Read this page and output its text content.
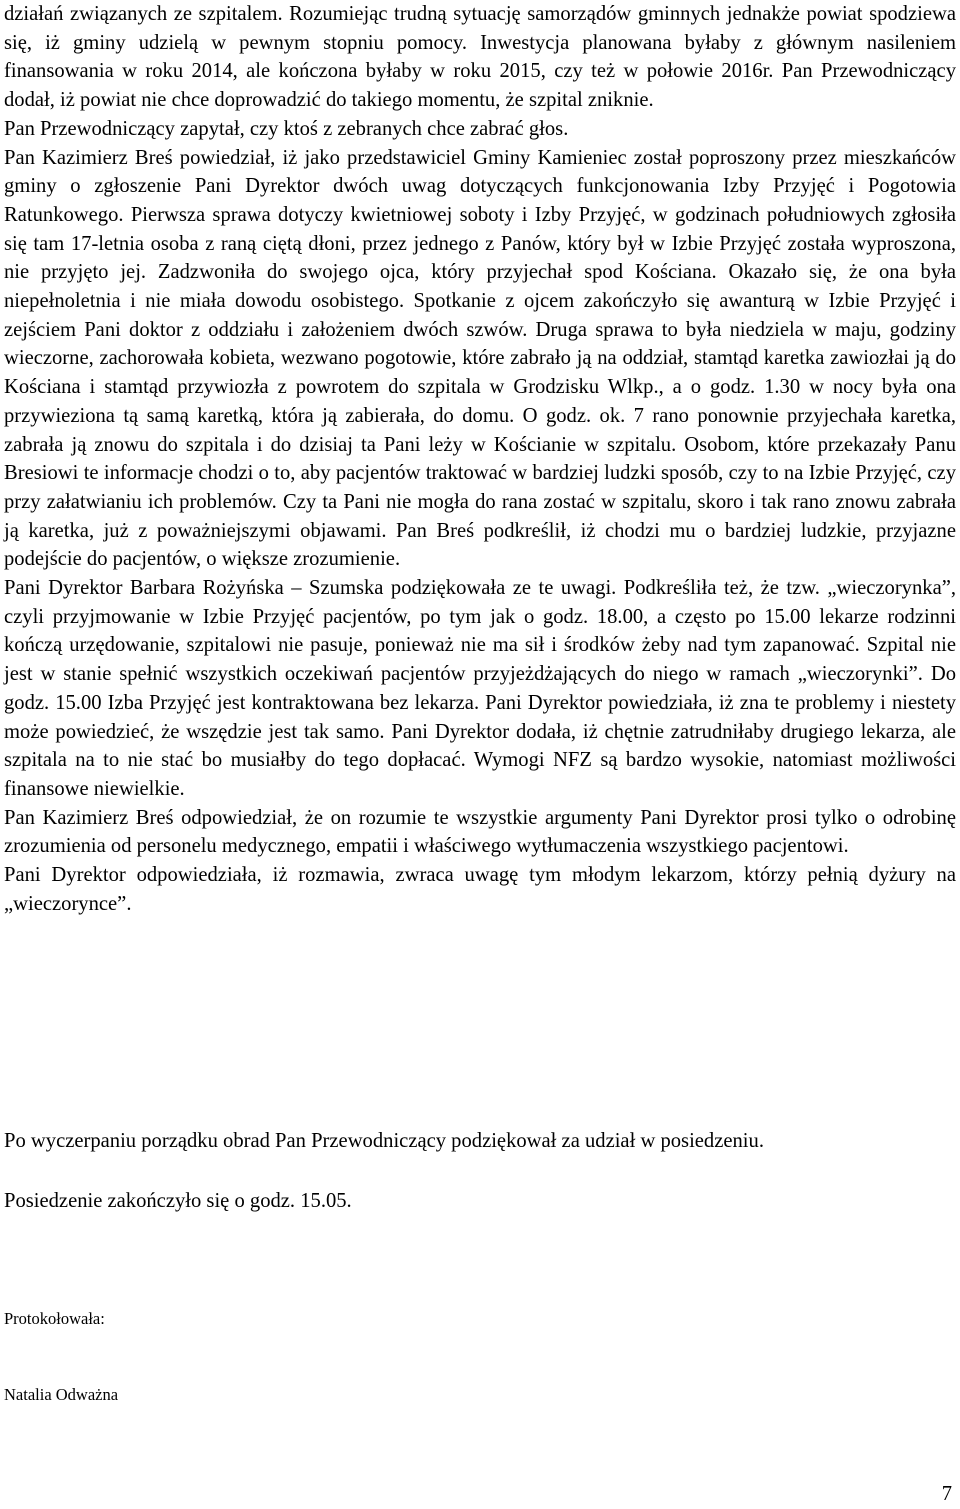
działań związanych ze szpitalem. Rozumiejąc trudną sytuację samorządów gminnych jednakże powiat spodziewa się, iż gminy udzielą w pewnym stopniu pomocy. Inwestycja planowana byłaby z głównym nasileniem finansowania w roku 2014, ale kończona byłaby w roku 2015, czy też w połowie 2016r. Pan Przewodniczący dodał, iż powiat nie chce doprowadzić do takiego momentu, że szpital zniknie.

Pan Przewodniczący zapytał, czy ktoś z zebranych chce zabrać głos.

Pan Kazimierz Breś powiedział, iż jako przedstawiciel Gminy Kamieniec został poproszony przez mieszkańców gminy o zgłoszenie Pani Dyrektor dwóch uwag dotyczących funkcjonowania Izby Przyjęć i Pogotowia Ratunkowego. Pierwsza sprawa dotyczy kwietniowej soboty i Izby Przyjęć, w godzinach południowych zgłosiła się tam 17-letnia osoba z raną ciętą dłoni, przez jednego z Panów, który był w Izbie Przyjęć została wyproszona, nie przyjęto jej. Zadzwoniła do swojego ojca, który przyjechał spod Kościana. Okazało się, że ona była niepełnoletnia i nie miała dowodu osobistego. Spotkanie z ojcem zakończyło się awanturą w Izbie Przyjęć i zejściem Pani doktor z oddziału i założeniem dwóch szwów. Druga sprawa to była niedziela w maju, godziny wieczorne, zachorowała kobieta, wezwano pogotowie, które zabrało ją na oddział, stamtąd karetka zawiozłai ją do Kościana i stamtąd przywiozła z powrotem do szpitala w Grodzisku Wlkp., a o godz. 1.30 w nocy była ona przywieziona tą samą karetką, która ją zabierała, do domu. O godz. ok. 7 rano ponownie przyjechała karetka, zabrała ją znowu do szpitala i do dzisiaj ta Pani leży w Kościanie w szpitalu. Osobom, które przekazały Panu Bresiowi te informacje chodzi o to, aby pacjentów traktować w bardziej ludzki sposób, czy to na Izbie Przyjęć, czy przy załatwianiu ich problemów. Czy ta Pani nie mogła do rana zostać w szpitalu, skoro i tak rano znowu zabrała ją karetka, już z poważniejszymi objawami. Pan Breś podkreślił, iż chodzi mu o bardziej ludzkie, przyjazne podejście do pacjentów, o większe zrozumienie.

Pani Dyrektor Barbara Rożyńska – Szumska podziękowała ze te uwagi. Podkreśliła też, że tzw. „wieczorynka”, czyli przyjmowanie w Izbie Przyjęć pacjentów, po tym jak o godz. 18.00, a często po 15.00 lekarze rodzinni kończą urzędowanie, szpitalowi nie pasuje, ponieważ nie ma sił i środków żeby nad tym zapanować. Szpital nie jest w stanie spełnić wszystkich oczekiwań pacjentów przyjeżdżających do niego w ramach „wieczorynki”. Do godz. 15.00 Izba Przyjęć jest kontraktowana bez lekarza. Pani Dyrektor powiedziała, iż zna te problemy i niestety może powiedzieć, że wszędzie jest tak samo. Pani Dyrektor dodała, iż chętnie zatrudniłaby drugiego lekarza, ale szpitala na to nie stać bo musiałby do tego dopłacać. Wymogi NFZ są bardzo wysokie, natomiast możliwości finansowe niewielkie.

Pan Kazimierz Breś odpowiedział, że on rozumie te wszystkie argumenty Pani Dyrektor prosi tylko o odrobinę zrozumienia od personelu medycznego, empatii i właściwego wytłumaczenia wszystkiego pacjentowi.

Pani Dyrektor odpowiedziała, iż rozmawia, zwraca uwagę tym młodym lekarzom, którzy pełnią dyżury na „wieczorynce”.

Po wyczerpaniu porządku obrad Pan Przewodniczący podziękował za udział w posiedzeniu.

Posiedzenie zakończyło się o godz. 15.05.

Protokołowała:

Natalia Odważna

7
